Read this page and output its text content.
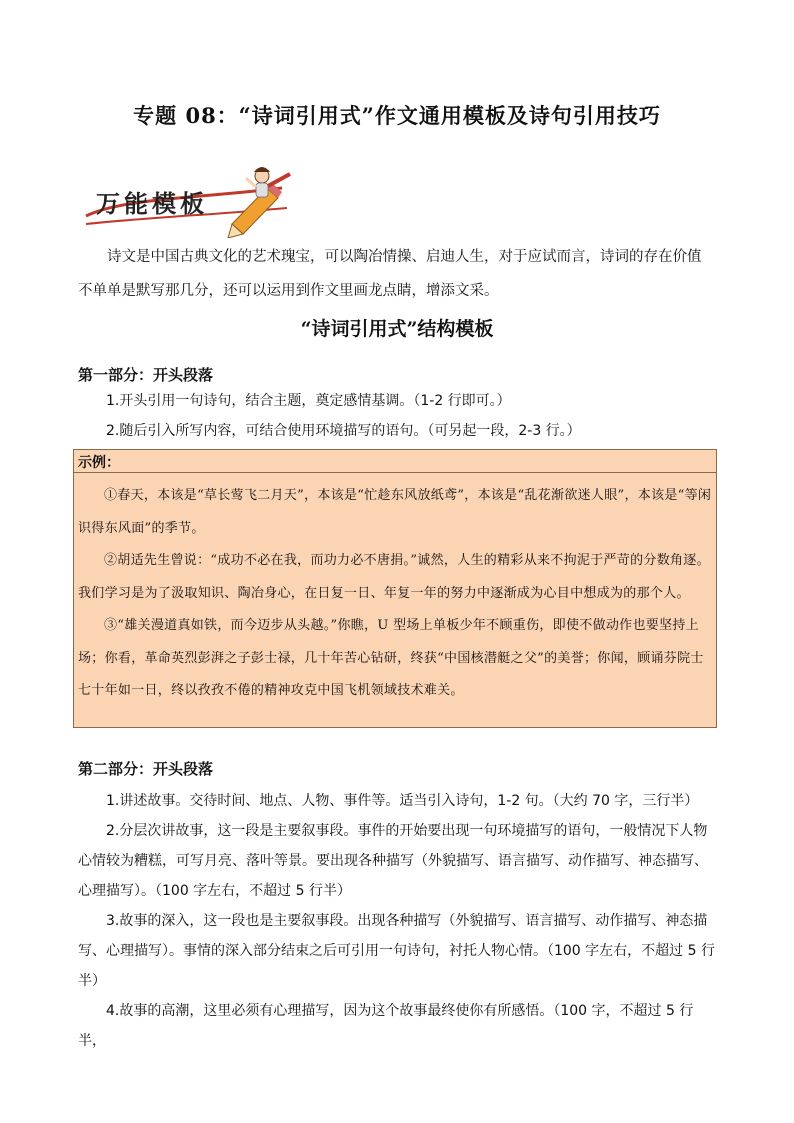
专题 08：“诗词引用式”作文通用模板及诗句引用技巧
万能模板

诗文是中国古典文化的艺术瑰宝，可以陶冶情操、启迪人生，对于应试而言，诗词的存在价值

不单单是默写那几分，还可以运用到作文里画龙点睛，增添文采。

“诗词引用式”结构模板
第一部分：开头段落

1.开头引用一句诗句，结合主题，奠定感情基调。（1-2 行即可。）

2.随后引入所写内容，可结合使用环境描写的语句。（可另起一段，2-3 行。）

示例：

①春天，本该是“草长莺飞二月天”，本该是“忙趁东风放纸鸢”，本该是“乱花渐欲迷人眼”，本该是“等闲识得东风面”的季节。

②胡适先生曾说：“成功不必在我，而功力必不唐捐。”诚然，人生的精彩从来不拘泥于严苛的分数角逐。我们学习是为了汲取知识、陶冶身心，在日复一日、年复一年的努力中逐渐成为心目中想成为的那个人。

③“雄关漫道真如铁，而今迈步从头越。”你瞧，U 型场上单板少年不顾重伤，即使不做动作也要坚持上场；你看，革命英烈彭湃之子彭士禄，几十年苦心钻研，终获“中国核潜艇之父”的美誉；你闻，顾诵芬院士七十年如一日，终以孜孜不倦的精神攻克中国飞机领域技术难关。

第二部分：开头段落

1.讲述故事。交待时间、地点、人物、事件等。适当引入诗句，1-2 句。（大约 70 字，三行半）

2.分层次讲故事，这一段是主要叙事段。事件的开始要出现一句环境描写的语句，一般情况下人物心情较为糟糕，可写月亮、落叶等景。要出现各种描写（外貌描写、语言描写、动作描写、神态描写、心理描写）。（100 字左右，不超过 5 行半）

3.故事的深入，这一段也是主要叙事段。出现各种描写（外貌描写、语言描写、动作描写、神态描写、心理描写）。事情的深入部分结束之后可引用一句诗句，衬托人物心情。（100 字左右，不超过 5 行半）

4.故事的高潮，这里必须有心理描写，因为这个故事最终使你有所感悟。（100 字，不超过 5 行半，
